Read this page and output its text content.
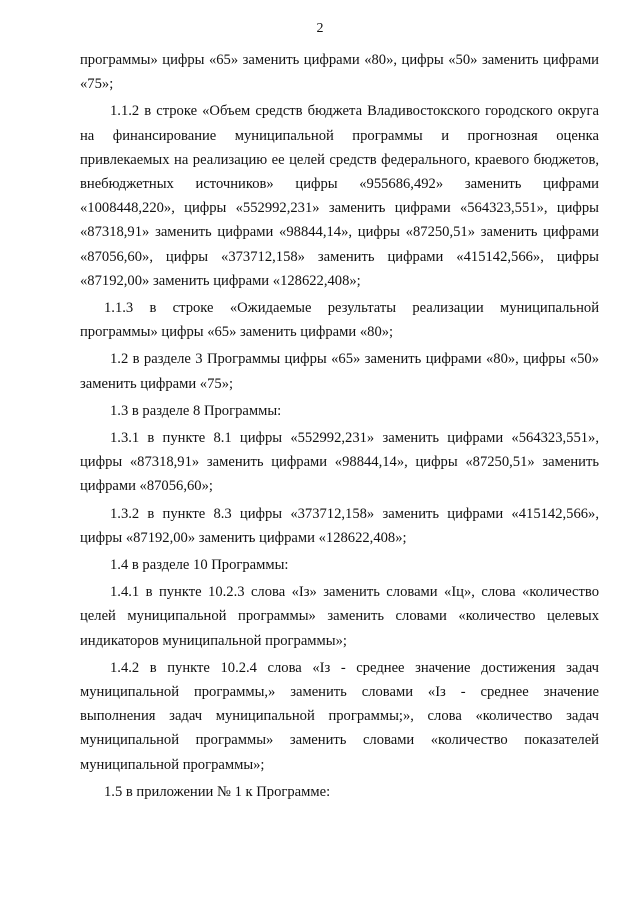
2

программы» цифры «65» заменить цифрами «80», цифры «50» заменить цифрами «75»;

1.1.2 в строке «Объем средств бюджета Владивостокского городского округа на финансирование муниципальной программы и прогнозная оценка привлекаемых на реализацию ее целей средств федерального, краевого бюджетов, внебюджетных источников» цифры «955686,492» заменить цифрами «1008448,220», цифры «552992,231» заменить цифрами «564323,551», цифры «87318,91» заменить цифрами «98844,14», цифры «87250,51» заменить цифрами «87056,60», цифры «373712,158» заменить цифрами «415142,566», цифры «87192,00» заменить цифрами «128622,408»;

1.1.3 в строке «Ожидаемые результаты реализации муниципальной программы» цифры «65» заменить цифрами «80»;

1.2 в разделе 3 Программы цифры «65» заменить цифрами «80», цифры «50» заменить цифрами «75»;

1.3 в разделе 8 Программы:

1.3.1 в пункте 8.1 цифры «552992,231» заменить цифрами «564323,551», цифры «87318,91» заменить цифрами «98844,14», цифры «87250,51» заменить цифрами «87056,60»;

1.3.2 в пункте 8.3 цифры «373712,158» заменить цифрами «415142,566», цифры «87192,00» заменить цифрами «128622,408»;

1.4 в разделе 10 Программы:

1.4.1 в пункте 10.2.3 слова «Iз» заменить словами «Iц», слова «количество целей муниципальной программы» заменить словами «количество целевых индикаторов муниципальной программы»;

1.4.2 в пункте 10.2.4 слова «Iз - среднее значение достижения задач муниципальной программы,» заменить словами «Iз - среднее значение выполнения задач муниципальной программы;», слова «количество задач муниципальной программы» заменить словами «количество показателей муниципальной программы»;

1.5 в приложении № 1 к Программе:
